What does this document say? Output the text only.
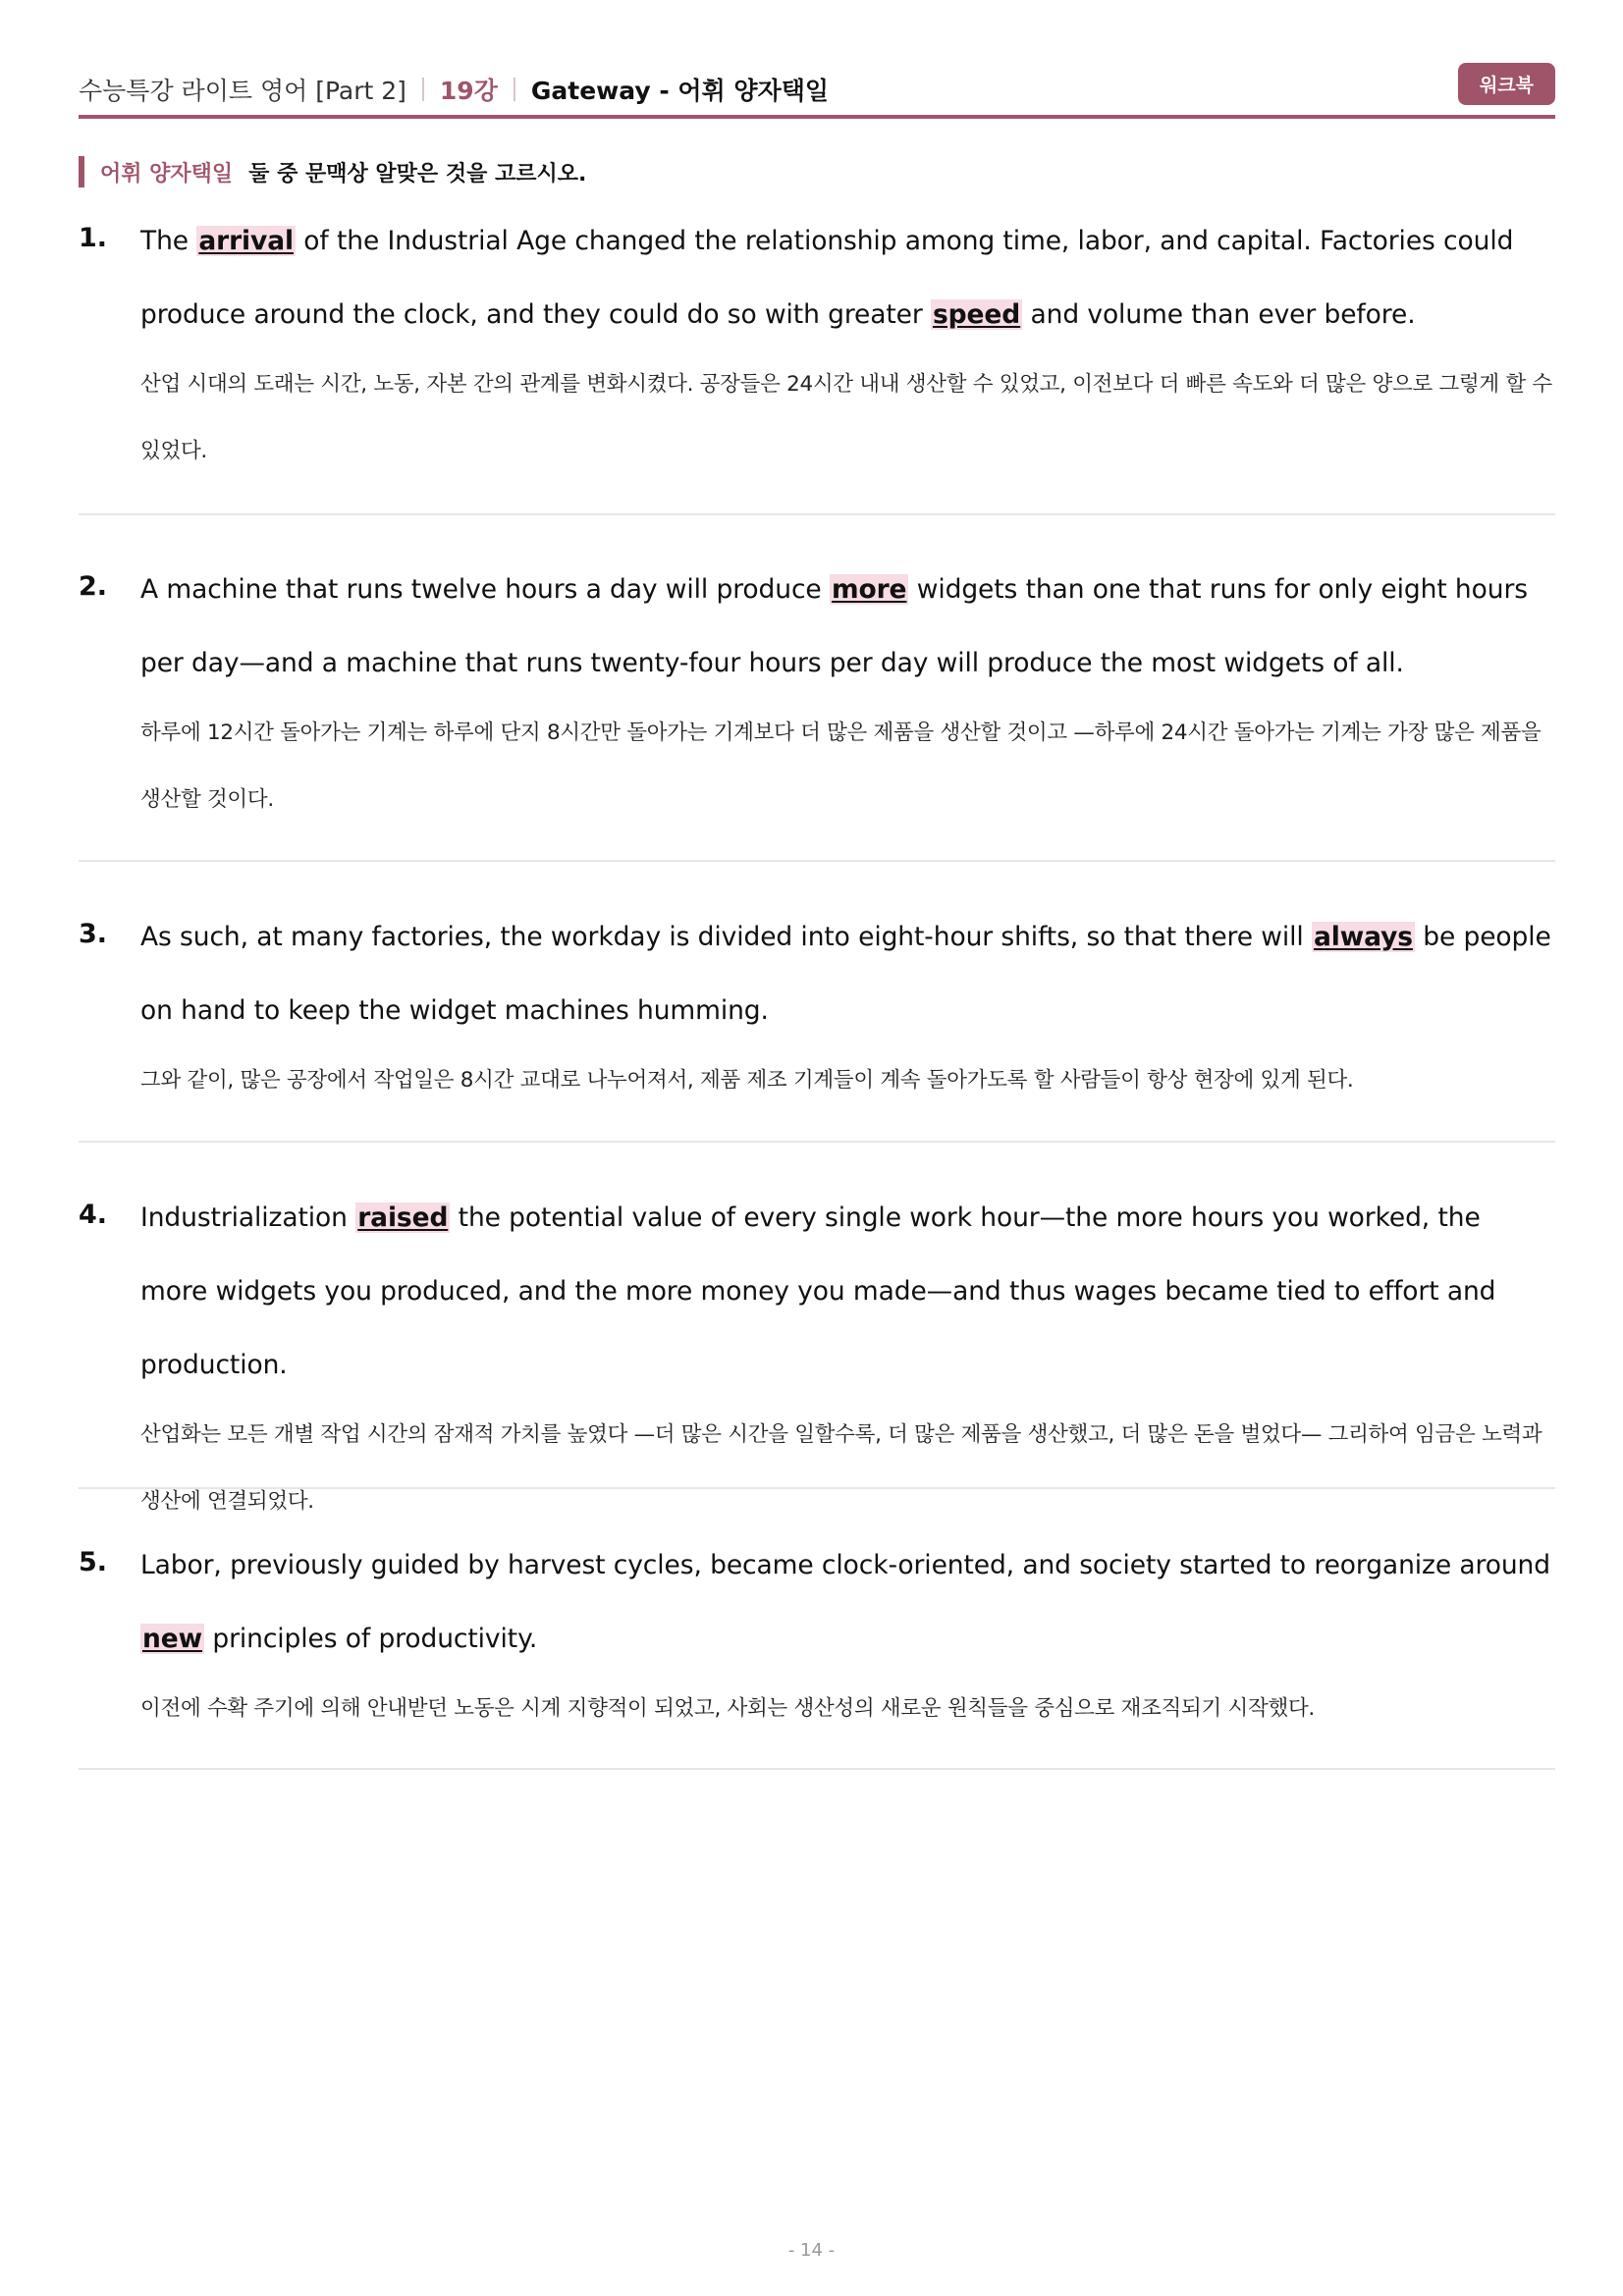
수능특강 라이트 영어 [Part 2] 19강 Gateway - 어휘 양자택일	워크북
어휘 양자택일 둘 중 문맥상 알맞은 것을 고르시오.
1. The arrival of the Industrial Age changed the relationship among time, labor, and capital. Factories could produce around the clock, and they could do so with greater speed and volume than ever before.
산업 시대의 도래는 시간, 노동, 자본 간의 관계를 변화시켰다. 공장들은 24시간 내내 생산할 수 있었고, 이전보다 더 빠른 속도와 더 많은 양으로 그렇게 할 수 있었다.
2. A machine that runs twelve hours a day will produce more widgets than one that runs for only eight hours per day—and a machine that runs twenty-four hours per day will produce the most widgets of all.
하루에 12시간 돌아가는 기계는 하루에 단지 8시간만 돌아가는 기계보다 더 많은 제품을 생산할 것이고 —하루에 24시간 돌아가는 기계는 가장 많은 제품을 생산할 것이다.
3. As such, at many factories, the workday is divided into eight-hour shifts, so that there will always be people on hand to keep the widget machines humming.
그와 같이, 많은 공장에서 작업일은 8시간 교대로 나누어져서, 제품 제조 기계들이 계속 돌아가도록 할 사람들이 항상 현장에 있게 된다.
4. Industrialization raised the potential value of every single work hour—the more hours you worked, the more widgets you produced, and the more money you made—and thus wages became tied to effort and production.
산업화는 모든 개별 작업 시간의 잠재적 가치를 높였다 —더 많은 시간을 일할수록, 더 많은 제품을 생산했고, 더 많은 돈을 벌었다— 그리하여 임금은 노력과 생산에 연결되었다.
5. Labor, previously guided by harvest cycles, became clock-oriented, and society started to reorganize around new principles of productivity.
이전에 수확 주기에 의해 안내받던 노동은 시계 지향적이 되었고, 사회는 생산성의 새로운 원칙들을 중심으로 재조직되기 시작했다.
- 14 -
